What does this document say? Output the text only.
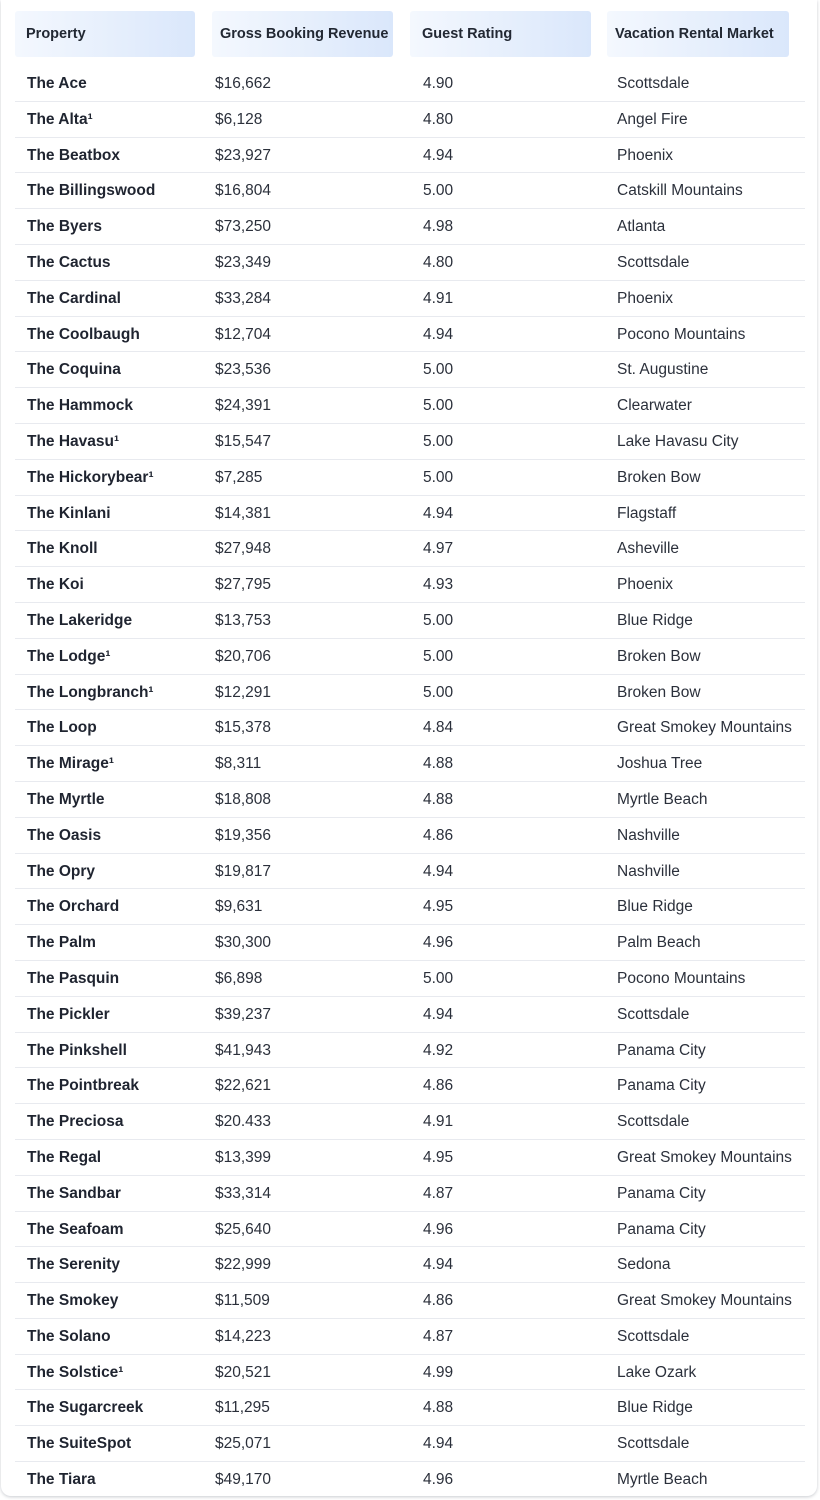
Property	Gross Booking Revenue	Guest Rating	Vacation Rental Market
The Ace	$16,662	4.90	Scottsdale
The Alta¹	$6,128	4.80	Angel Fire
The Beatbox	$23,927	4.94	Phoenix
The Billingswood	$16,804	5.00	Catskill Mountains
The Byers	$73,250	4.98	Atlanta
The Cactus	$23,349	4.80	Scottsdale
The Cardinal	$33,284	4.91	Phoenix
The Coolbaugh	$12,704	4.94	Pocono Mountains
The Coquina	$23,536	5.00	St. Augustine
The Hammock	$24,391	5.00	Clearwater
The Havasu¹	$15,547	5.00	Lake Havasu City
The Hickorybear¹	$7,285	5.00	Broken Bow
The Kinlani	$14,381	4.94	Flagstaff
The Knoll	$27,948	4.97	Asheville
The Koi	$27,795	4.93	Phoenix
The Lakeridge	$13,753	5.00	Blue Ridge
The Lodge¹	$20,706	5.00	Broken Bow
The Longbranch¹	$12,291	5.00	Broken Bow
The Loop	$15,378	4.84	Great Smokey Mountains
The Mirage¹	$8,311	4.88	Joshua Tree
The Myrtle	$18,808	4.88	Myrtle Beach
The Oasis	$19,356	4.86	Nashville
The Opry	$19,817	4.94	Nashville
The Orchard	$9,631	4.95	Blue Ridge
The Palm	$30,300	4.96	Palm Beach
The Pasquin	$6,898	5.00	Pocono Mountains
The Pickler	$39,237	4.94	Scottsdale
The Pinkshell	$41,943	4.92	Panama City
The Pointbreak	$22,621	4.86	Panama City
The Preciosa	$20.433	4.91	Scottsdale
The Regal	$13,399	4.95	Great Smokey Mountains
The Sandbar	$33,314	4.87	Panama City
The Seafoam	$25,640	4.96	Panama City
The Serenity	$22,999	4.94	Sedona
The Smokey	$11,509	4.86	Great Smokey Mountains
The Solano	$14,223	4.87	Scottsdale
The Solstice¹	$20,521	4.99	Lake Ozark
The Sugarcreek	$11,295	4.88	Blue Ridge
The SuiteSpot	$25,071	4.94	Scottsdale
The Tiara	$49,170	4.96	Myrtle Beach
